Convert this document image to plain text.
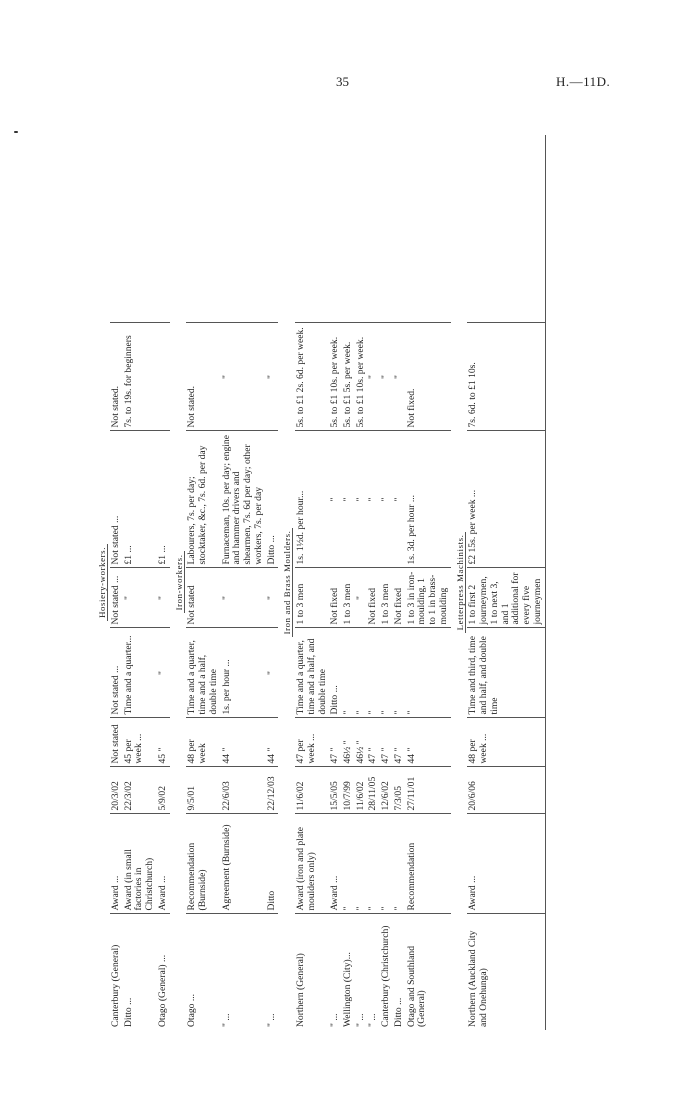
35	H.—11D.
Hosiery-workers.								
Canterbury (General)	Award ...	20/3/02	Not stated	Not stated ...	Not stated ...	Not stated ...	Not stated.	
Ditto ...	Award (in small factories in Christchurch)	22/3/02	45 per week ...	Time and a quarter...	"	£1 ...	7s. to 19s. for beginners	
Otago (General) ...	Award ...	5/9/02	45 "	"	"	£1 ...		
Iron-workers.								
Otago ...	Recommendation (Burnside)	9/5/01	48 per week	Time and a quarter, time and a half, double time	Not stated	Labourers, 7s. per day; stocktaker, &c., 7s. 6d. per day	Not stated.	
" ...	Agreement (Burnside)	22/6/03	44 "	1s. per hour ...	"	Furnaceman, 10s. per day; engine and hammer drivers and shearmen, 7s. 6d per day; other workers, 7s. per day	"	
" ...	Ditto	22/12/03	44 "	"	"	Ditto ...	"	
Iron and Brass Moulders.								
Northern (General)	Award (iron and plate moulders only)	11/6/02	47 per week ...	Time and a quarter, time and a half, and double time	1 to 3 men	1s. 1½d. per hour...	5s. to £1 2s. 6d. per week.	
" ...	Award ...	15/5/05	47 "	Ditto ...	Not fixed	"	5s. to £1 10s. per week.	
Wellington (City)...	"	10/7/99	46½ "	"	1 to 3 men	"	5s. to £1 5s. per week.	
" ...	"	11/6/02	46½ "	"	"	"	5s. to £1 10s. per week.	
" ...	"	28/11/05	47 "	"	Not fixed	"	"	
Canterbury (Christchurch)	"	12/6/02	47 "	"	1 to 3 men	"	"	
Ditto ...	"	7/3/05	47 "	"	Not fixed	"	"	
Otago and Southland (General)	Recommendation	27/11/01	44 "	"	1 to 3 in iron-moulding, 1 to 1 in brass-moulding	1s. 3d. per hour ...	Not fixed.	
Letterpress Machinists.								
Northern (Auckland City and Onehunga)	Award ...	20/6/06	48 per week ...	Time and third, time and half, and double time	1 to first 2 journeymen, 1 to next 3, and 1 additional for every five journeymen	£2 15s. per week ...	7s. 6d. to £1 10s.	
